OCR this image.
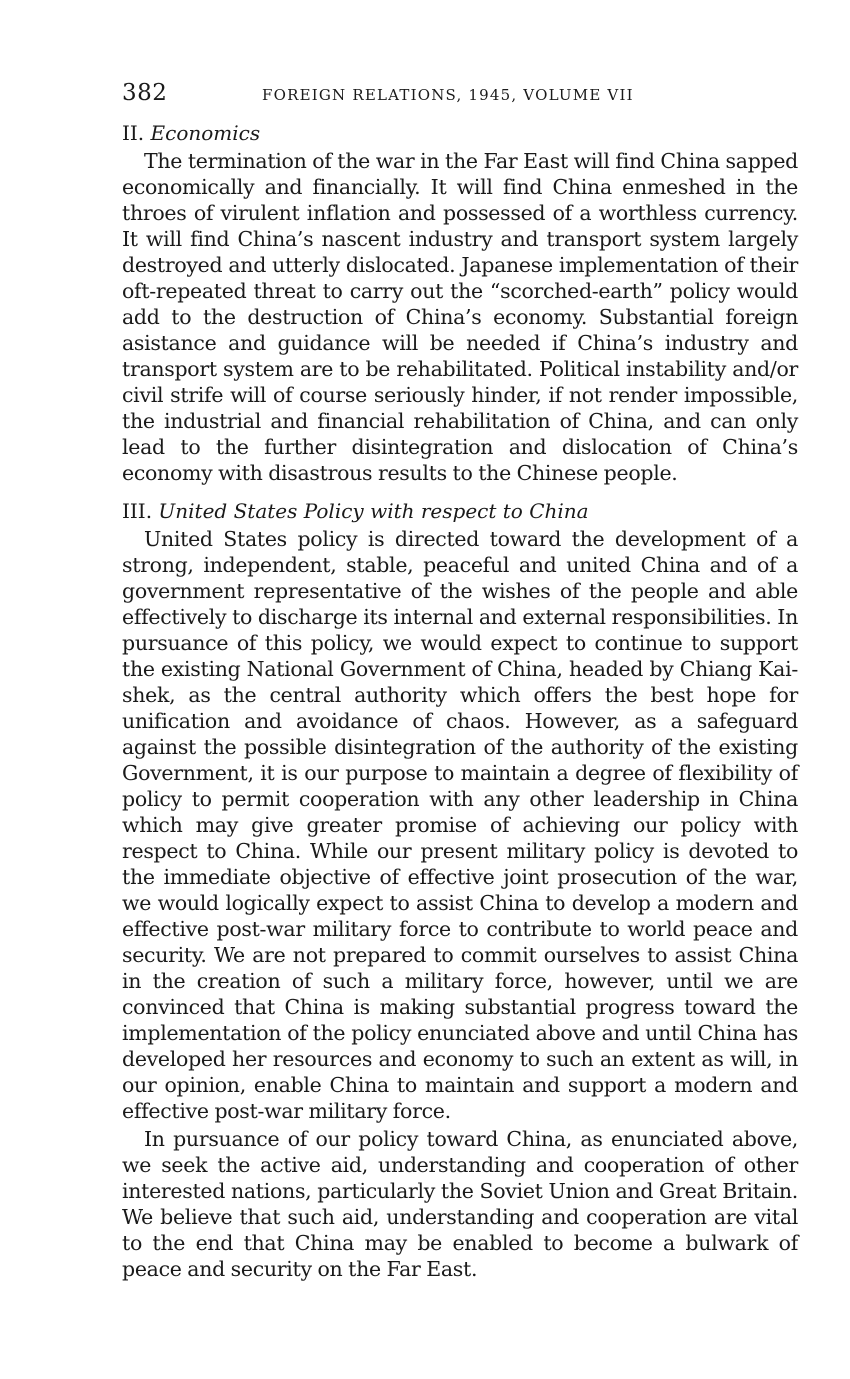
382	FOREIGN RELATIONS, 1945, VOLUME VII
II. Economics

The termination of the war in the Far East will find China sapped economically and financially. It will find China enmeshed in the throes of virulent inflation and possessed of a worthless currency. It will find China’s nascent industry and transport system largely destroyed and utterly dislocated. Japanese implementation of their oft-repeated threat to carry out the “scorched-earth” policy would add to the destruction of China’s economy. Substantial foreign asistance and guidance will be needed if China’s industry and transport system are to be rehabilitated. Political instability and/or civil strife will of course seriously hinder, if not render impossible, the industrial and financial rehabilitation of China, and can only lead to the further disintegration and dislocation of China’s economy with disastrous results to the Chinese people.

III. United States Policy with respect to China

United States policy is directed toward the development of a strong, independent, stable, peaceful and united China and of a government representative of the wishes of the people and able effectively to discharge its internal and external responsibilities. In pursuance of this policy, we would expect to continue to support the existing National Government of China, headed by Chiang Kai-shek, as the central authority which offers the best hope for unification and avoidance of chaos. However, as a safeguard against the possible disintegration of the authority of the existing Government, it is our purpose to maintain a degree of flexibility of policy to permit cooperation with any other leadership in China which may give greater promise of achieving our policy with respect to China. While our present military policy is devoted to the immediate objective of effective joint prosecution of the war, we would logically expect to assist China to develop a modern and effective post-war military force to contribute to world peace and security. We are not prepared to commit ourselves to assist China in the creation of such a military force, however, until we are convinced that China is making substantial progress toward the implementation of the policy enunciated above and until China has developed her resources and economy to such an extent as will, in our opinion, enable China to maintain and support a modern and effective post-war military force.

In pursuance of our policy toward China, as enunciated above, we seek the active aid, understanding and cooperation of other interested nations, particularly the Soviet Union and Great Britain. We believe that such aid, understanding and cooperation are vital to the end that China may be enabled to become a bulwark of peace and security on the Far East.
